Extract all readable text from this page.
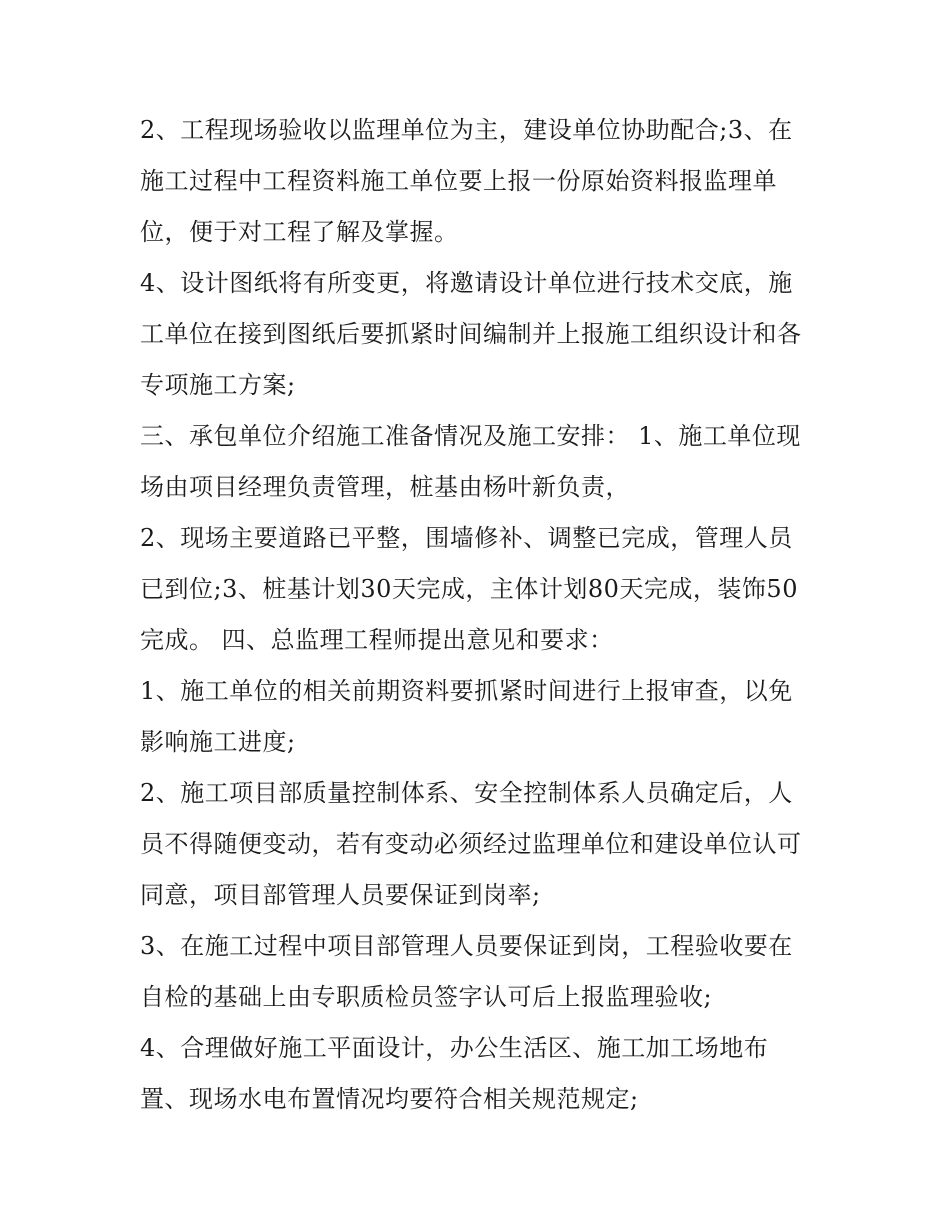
2、工程现场验收以监理单位为主，建设单位协助配合;3、在
施工过程中工程资料施工单位要上报一份原始资料报监理单
位，便于对工程了解及掌握。
4、设计图纸将有所变更，将邀请设计单位进行技术交底，施
工单位在接到图纸后要抓紧时间编制并上报施工组织设计和各
专项施工方案;
三、承包单位介绍施工准备情况及施工安排： 1、施工单位现
场由项目经理负责管理，桩基由杨叶新负责，
2、现场主要道路已平整，围墙修补、调整已完成，管理人员
已到位;3、桩基计划30天完成，主体计划80天完成，装饰50
完成。 四、总监理工程师提出意见和要求：
1、施工单位的相关前期资料要抓紧时间进行上报审查，以免
影响施工进度;
2、施工项目部质量控制体系、安全控制体系人员确定后，人
员不得随便变动，若有变动必须经过监理单位和建设单位认可
同意，项目部管理人员要保证到岗率;
3、在施工过程中项目部管理人员要保证到岗，工程验收要在
自检的基础上由专职质检员签字认可后上报监理验收;
4、合理做好施工平面设计，办公生活区、施工加工场地布
置、现场水电布置情况均要符合相关规范规定;
